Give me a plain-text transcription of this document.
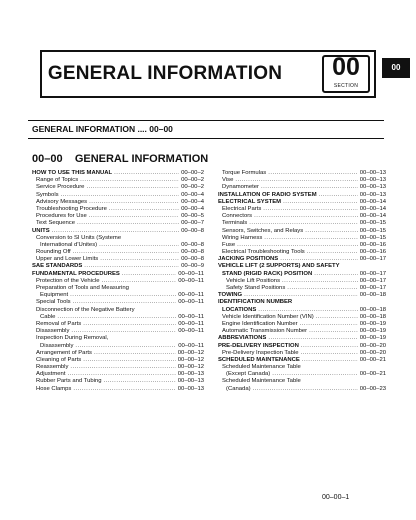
GENERAL INFORMATION	00
SECTION
00
GENERAL INFORMATION .... 00–00
00–00    GENERAL INFORMATION
HOW TO USE THIS MANUAL .....	00–00–2
Range of Topics .....	00–00–2
Service Procedure .....	00–00–2
Symbols .....	00–00–4
Advisory Messages .....	00–00–4
Troubleshooting Procedure .....	00–00–4
Procedures for Use .....	00–00–5
Text Sequence .....	00–00–7
UNITS .....	00–00–8
Conversion to SI Units (Systeme
International d'Unites) .....	00–00–8
Rounding Off .....	00–00–8
Upper and Lower Limits .....	00–00–8
SAE STANDARDS .....	00–00–9
FUNDAMENTAL PROCEDURES .....	00–00–11
Protection of the Vehicle .....	00–00–11
Preparation of Tools and Measuring
Equipment .....	00–00–11
Special Tools .....	00–00–11
Disconnection of the Negative Battery
Cable .....	00–00–11
Removal of Parts .....	00–00–11
Disassembly .....	00–00–11
Inspection During Removal,
Disassembly .....	00–00–11
Arrangement of Parts .....	00–00–12
Cleaning of Parts .....	00–00–12
Reassembly .....	00–00–12
Adjustment .....	00–00–13
Rubber Parts and Tubing .....	00–00–13
Hose Clamps .....	00–00–13
Torque Formulas .....	00–00–13
Vise .....	00–00–13
Dynamometer .....	00–00–13
INSTALLATION OF RADIO SYSTEM .....	00–00–13
ELECTRICAL SYSTEM .....	00–00–14
Electrical Parts .....	00–00–14
Connectors .....	00–00–14
Terminals .....	00–00–15
Sensors, Switches, and Relays .....	00–00–15
Wiring Harness .....	00–00–15
Fuse .....	00–00–16
Electrical Troubleshooting Tools .....	00–00–16
JACKING POSITIONS .....	00–00–17
VEHICLE LIFT (2 SUPPORTS) AND SAFETY
STAND (RIGID RACK) POSITION .....	00–00–17
Vehicle Lift Positions .....	00–00–17
Safety Stand Positions .....	00–00–17
TOWING .....	00–00–18
IDENTIFICATION NUMBER
LOCATIONS .....	00–00–18
Vehicle Identification Number (VIN) .....	00–00–18
Engine Identification Number .....	00–00–19
Automatic Transmission Number .....	00–00–19
ABBREVIATIONS .....	00–00–19
PRE-DELIVERY INSPECTION .....	00–00–20
Pre-Delivery Inspection Table .....	00–00–20
SCHEDULED MAINTENANCE .....	00–00–21
Scheduled Maintenance Table
(Except Canada) .....	00–00–21
Scheduled Maintenance Table
(Canada) .....	00–00–23
00–00–1
